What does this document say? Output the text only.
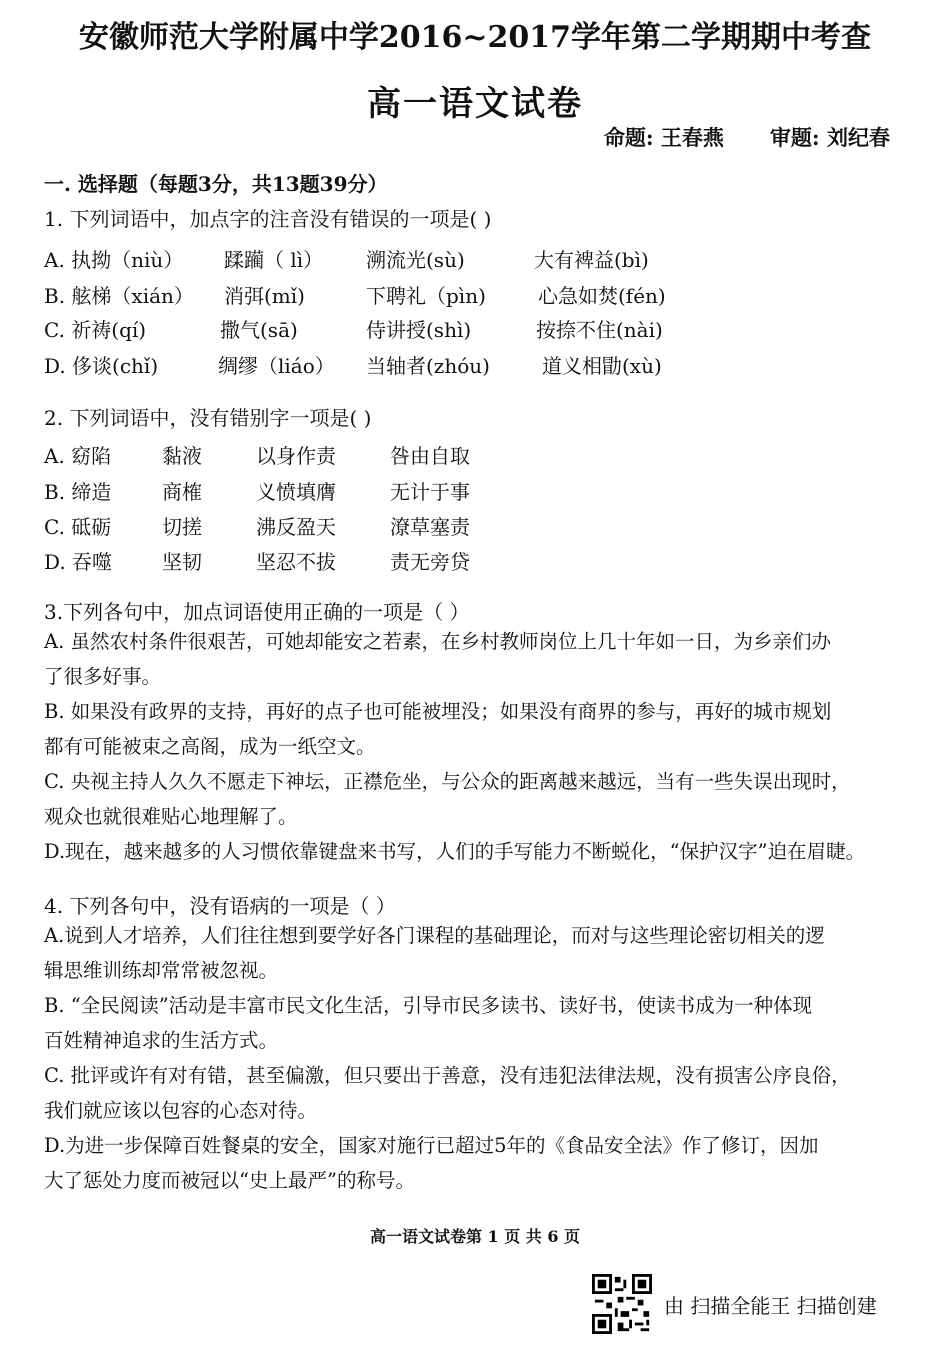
安徽师范大学附属中学2016~2017学年第二学期期中考查
高一语文试卷
命题: 王春燕 审题: 刘纪春
一. 选择题（每题3分，共13题39分）
1. 下列词语中，加点字的注音没有错误的一项是( )
A. 执拗（niù） 蹂躏（ lì） 溯流光(sù)	大有裨益(bì)
B. 舷梯（xián） 消弭(mǐ)	下聘礼（pìn)	心急如焚(fén)
C. 祈祷(qí)	撒气(sā)	侍讲授(shì)	按捺不住(nài)
D. 侈谈(chǐ)	绸缪（liáo） 当轴者(zhóu)	道义相勖(xù)
2. 下列词语中，没有错别字一项是( )
A. 窈陷	黏液	以身作责	咎由自取
B. 缔造	商榷	义愤填膺	无计于事
C. 砥砺	切搓	沸反盈天	潦草塞责
D. 吞噬 坚韧	坚忍不拔	责无旁贷
3.下列各句中，加点词语使用正确的一项是（ ）
A. 虽然农村条件很艰苦，可她却能安之若素，在乡村教师岗位上几十年如一日，为乡亲们办
了很多好事。
B. 如果没有政界的支持，再好的点子也可能被埋没；如果没有商界的参与，再好的城市规划
都有可能被束之高阁，成为一纸空文。
C. 央视主持人久久不愿走下神坛，正襟危坐，与公众的距离越来越远，当有一些失误出现时，
观众也就很难贴心地理解了。
D.现在，越来越多的人习惯依靠键盘来书写，人们的手写能力不断蜕化，“保护汉字”迫在眉睫。
4. 下列各句中，没有语病的一项是（ ）
A.说到人才培养，人们往往想到要学好各门课程的基础理论，而对与这些理论密切相关的逻
辑思维训练却常常被忽视。
B. “全民阅读”活动是丰富市民文化生活，引导市民多读书、读好书，使读书成为一种体现
百姓精神追求的生活方式。
C. 批评或许有对有错，甚至偏激，但只要出于善意，没有违犯法律法规，没有损害公序良俗，
我们就应该以包容的心态对待。
D.为进一步保障百姓餐桌的安全，国家对施行已超过5年的《食品安全法》作了修订，因加
大了惩处力度而被冠以“史上最严”的称号。
高一语文试卷第 1 页 共 6 页
由 扫描全能王 扫描创建
